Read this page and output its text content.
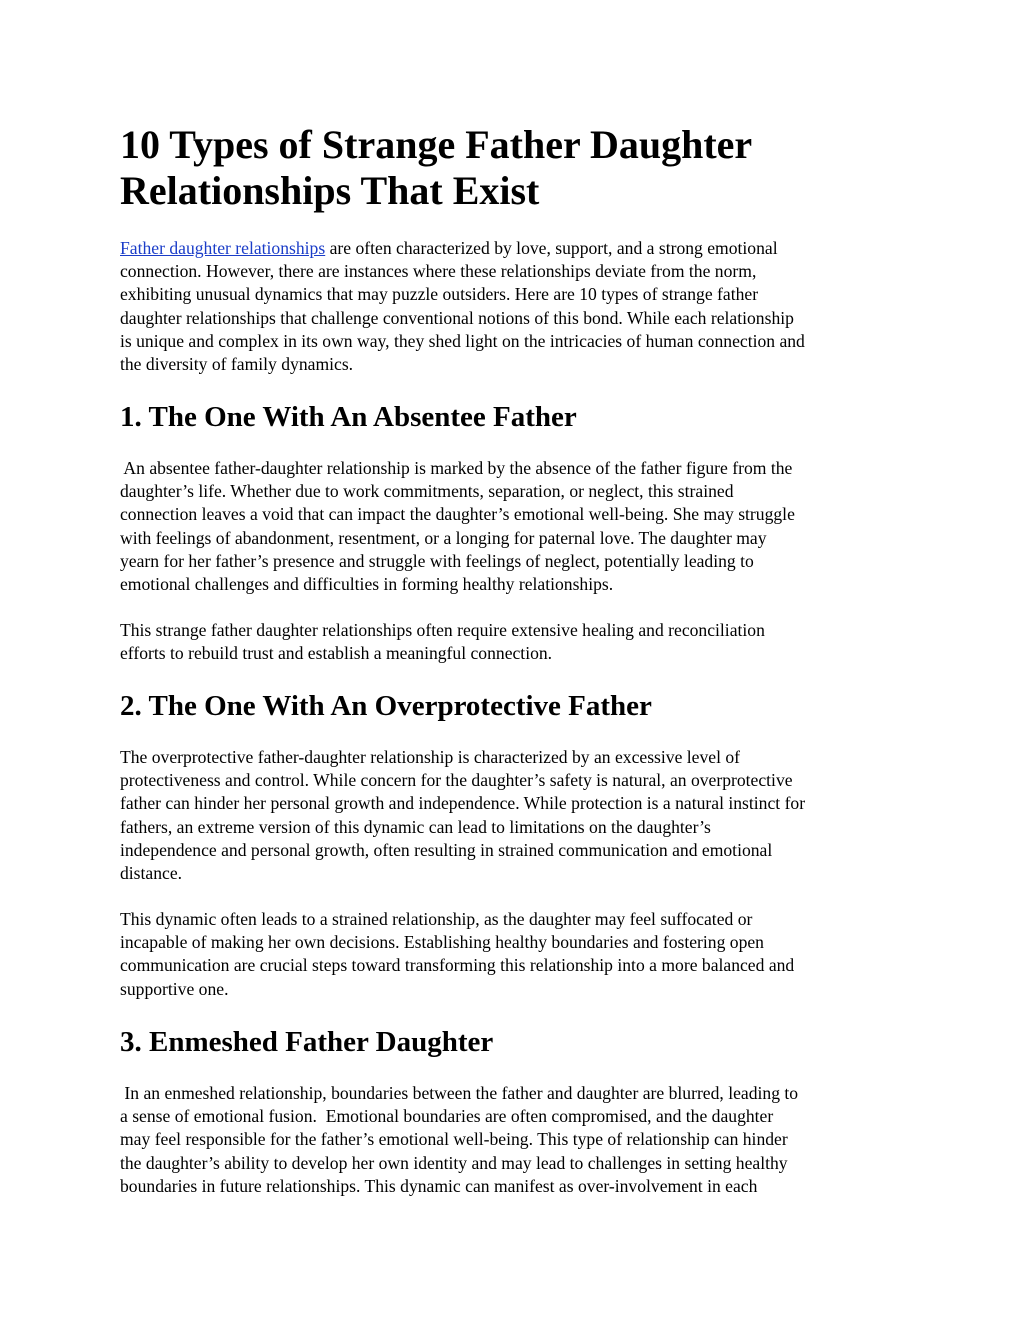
10 Types of Strange Father Daughter
Relationships That Exist
Father daughter relationships are often characterized by love, support, and a strong emotional
connection. However, there are instances where these relationships deviate from the norm,
exhibiting unusual dynamics that may puzzle outsiders. Here are 10 types of strange father
daughter relationships that challenge conventional notions of this bond. While each relationship
is unique and complex in its own way, they shed light on the intricacies of human connection and
the diversity of family dynamics.
1. The One With An Absentee Father
An absentee father-daughter relationship is marked by the absence of the father figure from the
daughter’s life. Whether due to work commitments, separation, or neglect, this strained
connection leaves a void that can impact the daughter’s emotional well-being. She may struggle
with feelings of abandonment, resentment, or a longing for paternal love. The daughter may
yearn for her father’s presence and struggle with feelings of neglect, potentially leading to
emotional challenges and difficulties in forming healthy relationships.
This strange father daughter relationships often require extensive healing and reconciliation
efforts to rebuild trust and establish a meaningful connection.
2. The One With An Overprotective Father
The overprotective father-daughter relationship is characterized by an excessive level of
protectiveness and control. While concern for the daughter’s safety is natural, an overprotective
father can hinder her personal growth and independence. While protection is a natural instinct for
fathers, an extreme version of this dynamic can lead to limitations on the daughter’s
independence and personal growth, often resulting in strained communication and emotional
distance.
This dynamic often leads to a strained relationship, as the daughter may feel suffocated or
incapable of making her own decisions. Establishing healthy boundaries and fostering open
communication are crucial steps toward transforming this relationship into a more balanced and
supportive one.
3. Enmeshed Father Daughter
In an enmeshed relationship, boundaries between the father and daughter are blurred, leading to
a sense of emotional fusion.  Emotional boundaries are often compromised, and the daughter
may feel responsible for the father’s emotional well-being. This type of relationship can hinder
the daughter’s ability to develop her own identity and may lead to challenges in setting healthy
boundaries in future relationships. This dynamic can manifest as over-involvement in each
